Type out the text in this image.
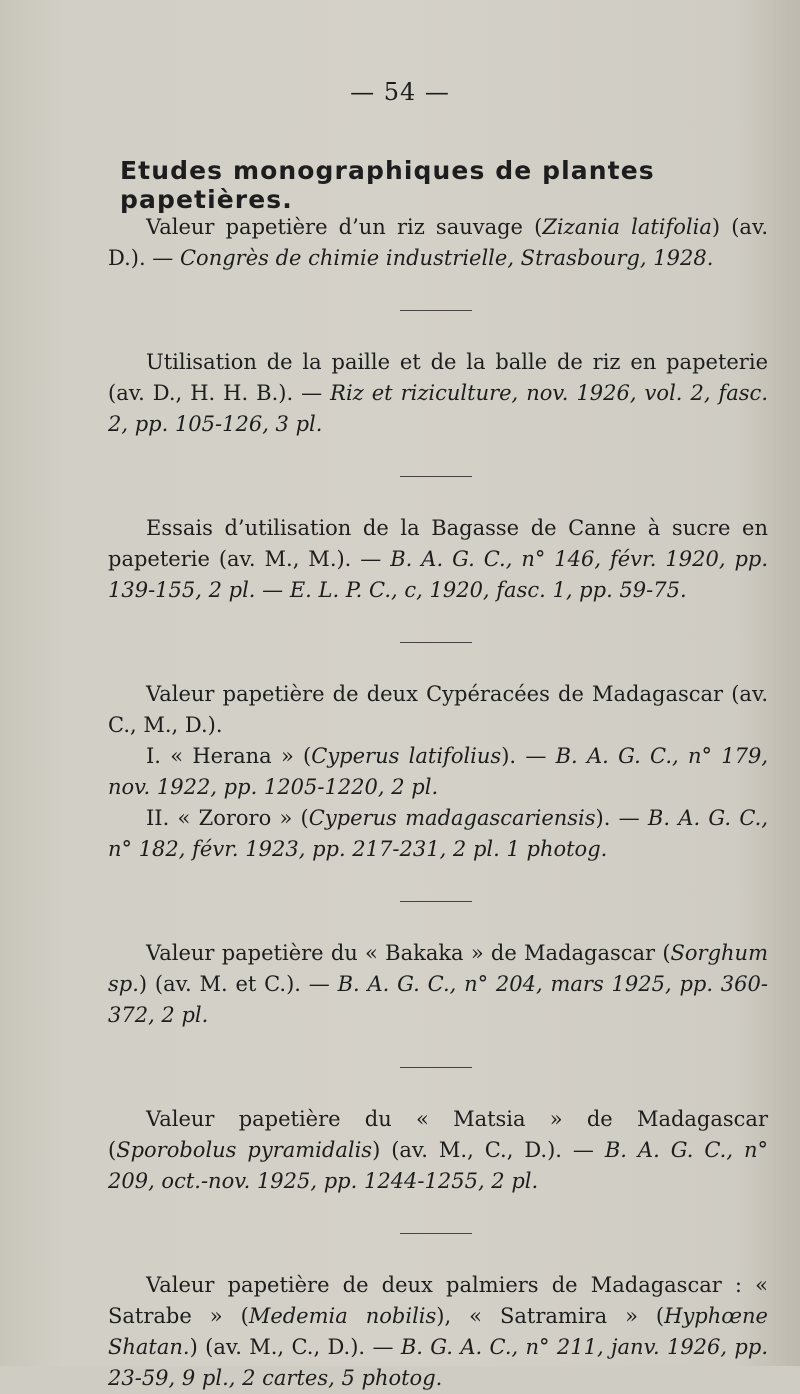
— 54 —
Etudes monographiques de plantes papetières.

Valeur papetière d’un riz sauvage (Zizania latifolia) (av. D.). — Congrès de chimie industrielle, Strasbourg, 1928.

Utilisation de la paille et de la balle de riz en papeterie (av. D., H. H. B.). — Riz et riziculture, nov. 1926, vol. 2, fasc. 2, pp. 105-126, 3 pl.

Essais d’utilisation de la Bagasse de Canne à sucre en papeterie (av. M., M.). — B. A. G. C., n° 146, févr. 1920, pp. 139-155, 2 pl. — E. L. P. C., c, 1920, fasc. 1, pp. 59-75.

Valeur papetière de deux Cypéracées de Madagascar (av. C., M., D.).

I. « Herana » (Cyperus latifolius). — B. A. G. C., n° 179, nov. 1922, pp. 1205-1220, 2 pl.

II. « Zororo » (Cyperus madagascariensis). — B. A. G. C., n° 182, févr. 1923, pp. 217-231, 2 pl. 1 photog.

Valeur papetière du « Bakaka » de Madagascar (Sorghum sp.) (av. M. et C.). — B. A. G. C., n° 204, mars 1925, pp. 360-372, 2 pl.

Valeur papetière du « Matsia » de Madagascar (Sporobolus pyramidalis) (av. M., C., D.). — B. A. G. C., n° 209, oct.-nov. 1925, pp. 1244-1255, 2 pl.

Valeur papetière de deux palmiers de Madagascar : « Satrabe » (Medemia nobilis), « Satramira » (Hyphœne Shatan.) (av. M., C., D.). — B. G. A. C., n° 211, janv. 1926, pp. 23-59, 9 pl., 2 cartes, 5 photog.
